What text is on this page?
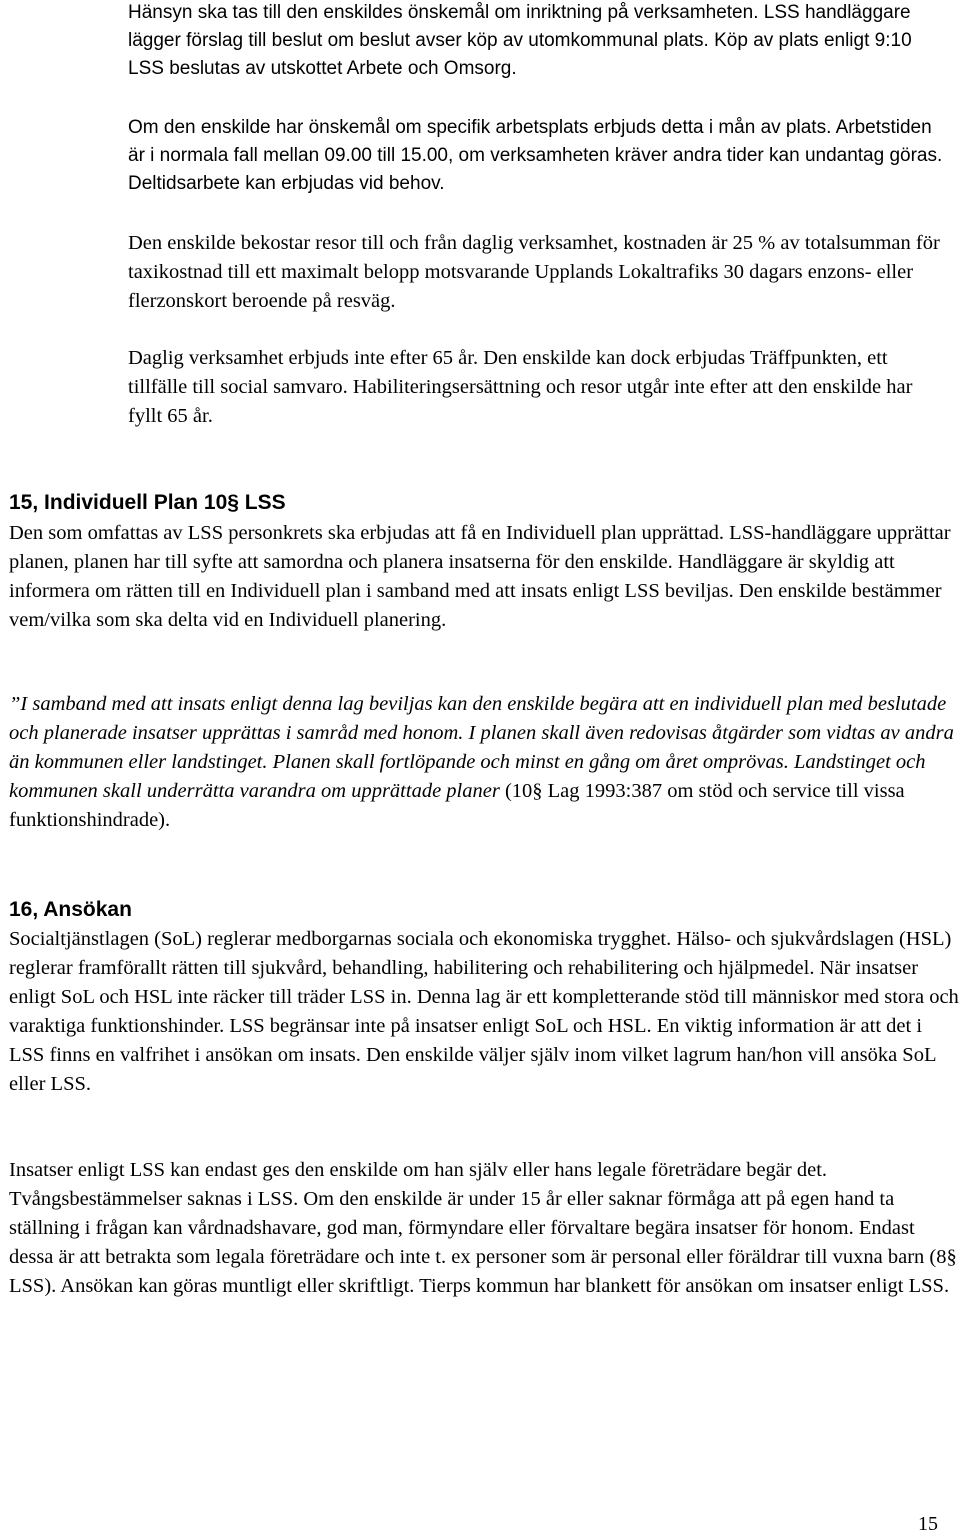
Hänsyn ska tas till den enskildes önskemål om inriktning på verksamheten. LSS handläggare lägger förslag till beslut om beslut avser köp av utomkommunal plats. Köp av plats enligt 9:10 LSS beslutas av utskottet Arbete och Omsorg.

Om den enskilde har önskemål om specifik arbetsplats erbjuds detta i mån av plats. Arbetstiden är i normala fall mellan 09.00 till 15.00, om verksamheten kräver andra tider kan undantag göras. Deltidsarbete kan erbjudas vid behov.

Den enskilde bekostar resor till och från daglig verksamhet, kostnaden är 25 % av totalsumman för taxikostnad till ett maximalt belopp motsvarande Upplands Lokaltrafiks 30 dagars enzons- eller flerzonskort beroende på resväg.

Daglig verksamhet erbjuds inte efter 65 år. Den enskilde kan dock erbjudas Träffpunkten, ett tillfälle till social samvaro. Habiliteringsersättning och resor utgår inte efter att den enskilde har fyllt 65 år.

15, Individuell Plan 10§ LSS

Den som omfattas av LSS personkrets ska erbjudas att få en Individuell plan upprättad. LSS-handläggare upprättar planen, planen har till syfte att samordna och planera insatserna för den enskilde. Handläggare är skyldig att informera om rätten till en Individuell plan i samband med att insats enligt LSS beviljas. Den enskilde bestämmer vem/vilka som ska delta vid en Individuell planering.

”I samband med att insats enligt denna lag beviljas kan den enskilde begära att en individuell plan med beslutade och planerade insatser upprättas i samråd med honom. I planen skall även redovisas åtgärder som vidtas av andra än kommunen eller landstinget. Planen skall fortlöpande och minst en gång om året omprövas. Landstinget och kommunen skall underrätta varandra om upprättade planer (10§ Lag 1993:387 om stöd och service till vissa funktionshindrade).

16, Ansökan

Socialtjänstlagen (SoL) reglerar medborgarnas sociala och ekonomiska trygghet. Hälso- och sjukvårdslagen (HSL) reglerar framförallt rätten till sjukvård, behandling, habilitering och rehabilitering och hjälpmedel. När insatser enligt SoL och HSL inte räcker till träder LSS in. Denna lag är ett kompletterande stöd till människor med stora och varaktiga funktionshinder. LSS begränsar inte på insatser enligt SoL och HSL. En viktig information är att det i LSS finns en valfrihet i ansökan om insats. Den enskilde väljer själv inom vilket lagrum han/hon vill ansöka SoL eller LSS.

Insatser enligt LSS kan endast ges den enskilde om han själv eller hans legale företrädare begär det. Tvångsbestämmelser saknas i LSS. Om den enskilde är under 15 år eller saknar förmåga att på egen hand ta ställning i frågan kan vårdnadshavare, god man, förmyndare eller förvaltare begära insatser för honom. Endast dessa är att betrakta som legala företrädare och inte t. ex personer som är personal eller föräldrar till vuxna barn (8§ LSS). Ansökan kan göras muntligt eller skriftligt. Tierps kommun har blankett för ansökan om insatser enligt LSS.

15
